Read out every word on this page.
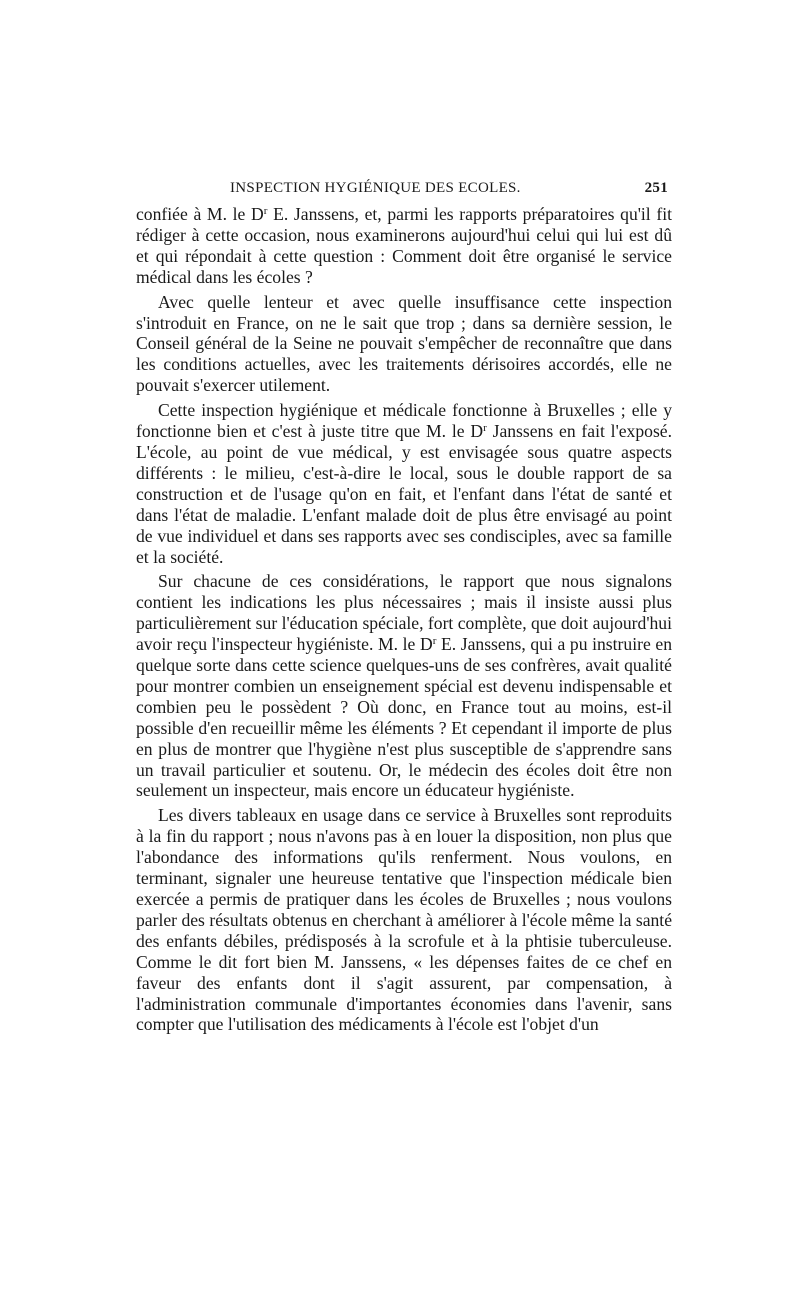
INSPECTION HYGIÉNIQUE DES ECOLES.	251

confiée à M. le $D^r$ E. Janssens, et, parmi les rapports préparatoires qu'il fit rédiger à cette occasion, nous examinerons aujourd'hui celui qui lui est dû et qui répondait à cette question : Comment doit être organisé le service médical dans les écoles ?

Avec quelle lenteur et avec quelle insuffisance cette inspection s'introduit en France, on ne le sait que trop ; dans sa dernière session, le Conseil général de la Seine ne pouvait s'empêcher de reconnaître que dans les conditions actuelles, avec les traitements dérisoires accordés, elle ne pouvait s'exercer utilement.

Cette inspection hygiénique et médicale fonctionne à Bruxelles ; elle y fonctionne bien et c'est à juste titre que M. le $D^r$ Janssens en fait l'exposé. L'école, au point de vue médical, y est envisagée sous quatre aspects différents : le milieu, c'est-à-dire le local, sous le double rapport de sa construction et de l'usage qu'on en fait, et l'enfant dans l'état de santé et dans l'état de maladie. L'enfant malade doit de plus être envisagé au point de vue individuel et dans ses rapports avec ses condisciples, avec sa famille et la société.

Sur chacune de ces considérations, le rapport que nous signalons contient les indications les plus nécessaires ; mais il insiste aussi plus particulièrement sur l'éducation spéciale, fort complète, que doit aujourd'hui avoir reçu l'inspecteur hygiéniste. M. le $D^r$ E. Janssens, qui a pu instruire en quelque sorte dans cette science quelques-uns de ses confrères, avait qualité pour montrer combien un enseignement spécial est devenu indispensable et combien peu le possèdent ? Où donc, en France tout au moins, est-il possible d'en recueillir même les éléments ? Et cependant il importe de plus en plus de montrer que l'hygiène n'est plus susceptible de s'apprendre sans un travail particulier et soutenu. Or, le médecin des écoles doit être non seulement un inspecteur, mais encore un éducateur hygiéniste.

Les divers tableaux en usage dans ce service à Bruxelles sont reproduits à la fin du rapport ; nous n'avons pas à en louer la disposition, non plus que l'abondance des informations qu'ils renferment. Nous voulons, en terminant, signaler une heureuse tentative que l'inspection médicale bien exercée a permis de pratiquer dans les écoles de Bruxelles ; nous voulons parler des résultats obtenus en cherchant à améliorer à l'école même la santé des enfants débiles, prédisposés à la scrofule et à la phtisie tuberculeuse. Comme le dit fort bien M. Janssens, « les dépenses faites de ce chef en faveur des enfants dont il s'agit assurent, par compensation, à l'administration communale d'importantes économies dans l'avenir, sans compter que l'utilisation des médicaments à l'école est l'objet d'un
